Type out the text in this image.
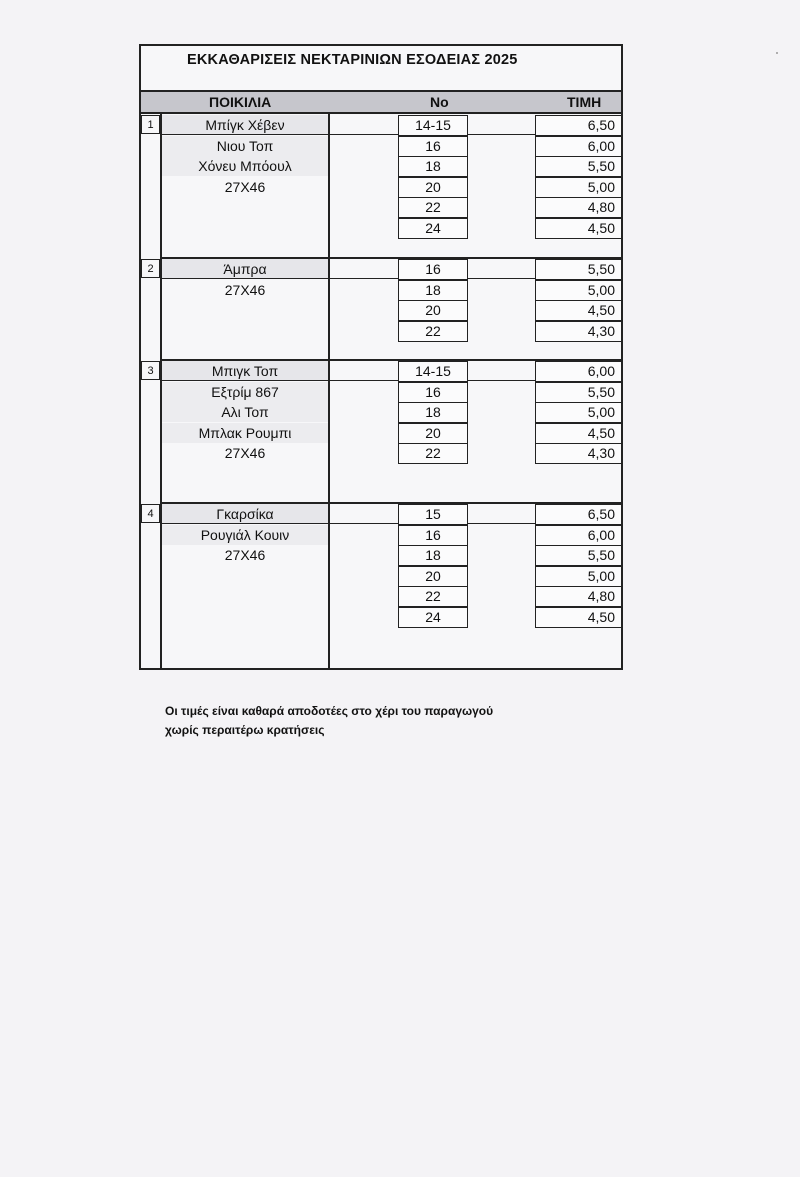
ΕΚΚΑΘΑΡΙΣΕΙΣ ΝΕΚΤΑΡΙΝΙΩΝ ΕΣΟΔΕΙΑΣ 2025
ΠΟΙΚΙΛΙΑ	Νο	ΤΙΜΗ
1	Μπίγκ Χέβεν
Νιου Τοπ
Χόνευ Μπόουλ
27Χ46
14-15	6,50
16	6,00
18	5,50
20	5,00
22	4,80
24	4,50
2	Άμπρα
27Χ46
16	5,50
18	5,00
20	4,50
22	4,30
3	Μπιγκ Τοπ
Εξτρίμ 867
Αλι Τοπ
Μπλακ Ρουμπι
27Χ46
14-15	6,00
16	5,50
18	5,00
20	4,50
22	4,30
4	Γκαρσίκα
Ρουγιάλ Κουιν
27Χ46
15	6,50
16	6,00
18	5,50
20	5,00
22	4,80
24	4,50
Οι τιμές είναι καθαρά αποδοτέες στο χέρι του παραγωγού
χωρίς περαιτέρω κρατήσεις
